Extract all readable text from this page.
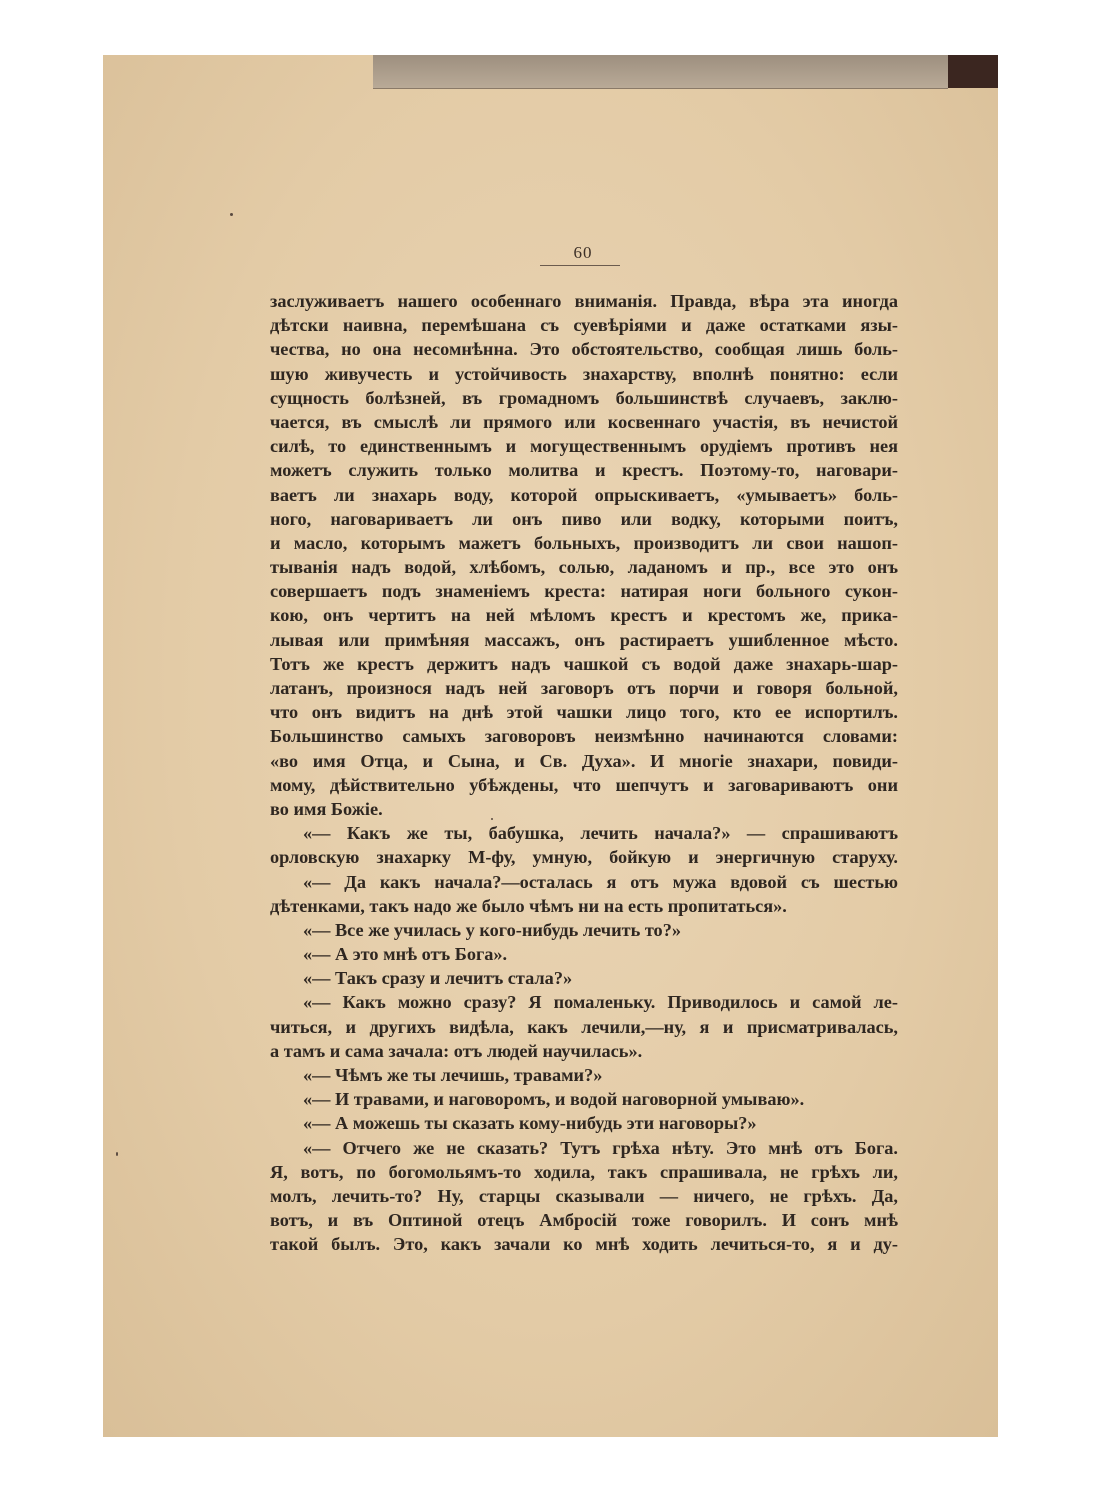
60
заслуживаетъ нашего особеннаго вниманія. Правда, вѣра эта иногда
дѣтски наивна, перемѣшана съ суевѣріями и даже остатками язы-
чества, но она несомнѣнна. Это обстоятельство, сообщая лишь боль-
шую живучесть и устойчивость знахарству, вполнѣ понятно: если
сущность болѣзней, въ громадномъ большинствѣ случаевъ, заклю-
чается, въ смыслѣ ли прямого или косвеннаго участія, въ нечистой
силѣ, то единственнымъ и могущественнымъ орудіемъ противъ нея
можетъ служить только молитва и крестъ. Поэтому-то, наговари-
ваетъ ли знахарь воду, которой опрыскиваетъ, «умываетъ» боль-
ного, наговариваетъ ли онъ пиво или водку, которыми поитъ,
и масло, которымъ мажетъ больныхъ, производитъ ли свои нашоп-
тыванія надъ водой, хлѣбомъ, солью, ладаномъ и пр., все это онъ
совершаетъ подъ знаменіемъ креста: натирая ноги больного сукон-
кою, онъ чертитъ на ней мѣломъ крестъ и крестомъ же, прика-
лывая или примѣняя массажъ, онъ растираетъ ушибленное мѣсто.
Тотъ же крестъ держитъ надъ чашкой съ водой даже знахарь-шар-
латанъ, произнося надъ ней заговоръ отъ порчи и говоря больной,
что онъ видитъ на днѣ этой чашки лицо того, кто ее испортилъ.
Большинство самыхъ заговоровъ неизмѣнно начинаются словами:
«во имя Отца, и Сына, и Св. Духа». И многіе знахари, повиди-
мому, дѣйствительно убѣждены, что шепчутъ и заговариваютъ они
во имя Божіе.
«— Какъ же ты, бабушка, лечить начала?» — спрашиваютъ
орловскую знахарку М-фу, умную, бойкую и энергичную старуху.
«— Да какъ начала?—осталась я отъ мужа вдовой съ шестью
дѣтенками, такъ надо же было чѣмъ ни на есть пропитаться».
«— Все же училась у кого-нибудь лечить то?»
«— А это мнѣ отъ Бога».
«— Такъ сразу и лечитъ стала?»
«— Какъ можно сразу? Я помаленьку. Приводилось и самой ле-
читься, и другихъ видѣла, какъ лечили,—ну, я и присматривалась,
а тамъ и сама зачала: отъ людей научилась».
«— Чѣмъ же ты лечишь, травами?»
«— И травами, и наговоромъ, и водой наговорной умываю».
«— А можешь ты сказать кому-нибудь эти наговоры?»
«— Отчего же не сказать? Тутъ грѣха нѣту. Это мнѣ отъ Бога.
Я, вотъ, по богомольямъ-то ходила, такъ спрашивала, не грѣхъ ли,
молъ, лечить-то? Ну, старцы сказывали — ничего, не грѣхъ. Да,
вотъ, и въ Оптиной отецъ Амбросій тоже говорилъ. И сонъ мнѣ
такой былъ. Это, какъ зачали ко мнѣ ходить лечиться-то, я и ду-
